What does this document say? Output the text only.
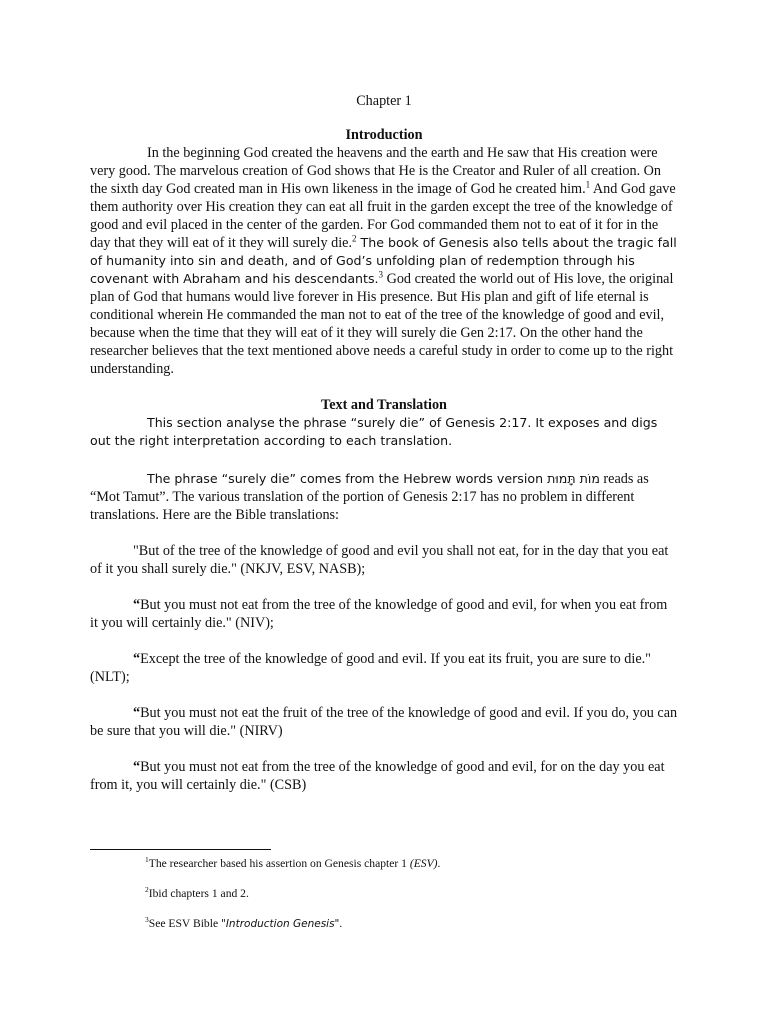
Chapter 1

Introduction

In the beginning God created the heavens and the earth and He saw that His creation were very good. The marvelous creation of God shows that He is the Creator and Ruler of all creation. On the sixth day God created man in His own likeness in the image of God he created him.$^1$ And God gave them authority over His creation they can eat all fruit in the garden except the tree of the knowledge of good and evil placed in the center of the garden. For God commanded them not to eat of it for in the day that they will eat of it they will surely die.$^2$ The book of Genesis also tells about the tragic fall of humanity into sin and death, and of God’s unfolding plan of redemption through his covenant with Abraham and his descendants.$^3$ God created the world out of His love, the original plan of God that humans would live forever in His presence. But His plan and gift of life eternal is conditional wherein He commanded the man not to eat of the tree of the knowledge of good and evil, because when the time that they will eat of it they will surely die Gen 2:17. On the other hand the researcher believes that the text mentioned above needs a careful study in order to come up to the right understanding.

Text and Translation

This section analyse the phrase “surely die” of Genesis 2:17. It exposes and digs out the right interpretation according to each translation.

The phrase “surely die” comes from the Hebrew words version מוֹת תָּמוּת reads as “Mot Tamut”. The various translation of the portion of Genesis 2:17 has no problem in different translations. Here are the Bible translations:

"But of the tree of the knowledge of good and evil you shall not eat, for in the day that you eat of it you shall surely die." (NKJV, ESV, NASB);

“But you must not eat from the tree of the knowledge of good and evil, for when you eat from it you will certainly die." (NIV);

“Except the tree of the knowledge of good and evil. If you eat its fruit, you are sure to die." (NLT);

“But you must not eat the fruit of the tree of the knowledge of good and evil. If you do, you can be sure that you will die." (NIRV)

“But you must not eat from the tree of the knowledge of good and evil, for on the day you eat from it, you will certainly die." (CSB)

$^1$The researcher based his assertion on Genesis chapter 1 (ESV).

$^2$Ibid chapters 1 and 2.

$^3$See ESV Bible "Introduction Genesis".
